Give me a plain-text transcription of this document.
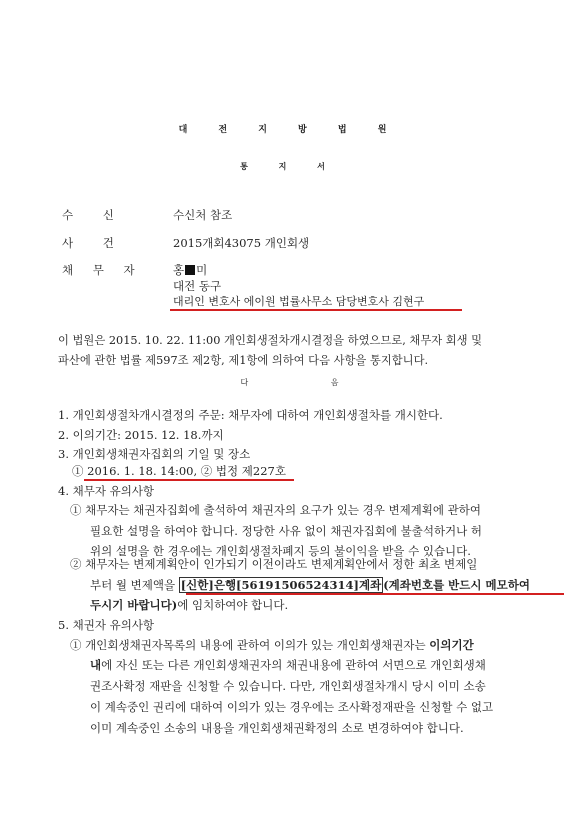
대 전 지 방 법 원
통 지 서
수 신	수신처 참조
사 건	2015개회43075 개인회생
채 무 자	홍 미
대전 동구
대리인 변호사 에이원 법률사무소 담당변호사 김현구
이 법원은 2015. 10. 22. 11:00 개인회생절차개시결정을 하였으므로, 채무자 회생 및
파산에 관한 법률 제597조 제2항, 제1항에 의하여 다음 사항을 통지합니다.
다 음
1. 개인회생절차개시결정의 주문: 채무자에 대하여 개인회생절차를 개시한다.
2. 이의기간: 2015. 12. 18.까지
3. 개인회생채권자집회의 기일 및 장소
① 2016. 1. 18. 14:00, ② 법정 제227호
4. 채무자 유의사항
① 채무자는 채권자집회에 출석하여 채권자의 요구가 있는 경우 변제계획에 관하여
필요한 설명을 하여야 합니다. 정당한 사유 없이 채권자집회에 불출석하거나 허
위의 설명을 한 경우에는 개인회생절차폐지 등의 불이익을 받을 수 있습니다.
② 채무자는 변제계획안이 인가되기 이전이라도 변제계획안에서 정한 최초 변제일
부터 월 변제액을 [신한]은행[56191506524314]계좌 (계좌번호를 반드시 메모하여
두시기 바랍니다)에 임치하여야 합니다.
5. 채권자 유의사항
① 개인회생채권자목록의 내용에 관하여 이의가 있는 개인회생채권자는 이의기간
내에 자신 또는 다른 개인회생채권자의 채권내용에 관하여 서면으로 개인회생채
권조사확정 재판을 신청할 수 있습니다. 다만, 개인회생절차개시 당시 이미 소송
이 계속중인 권리에 대하여 이의가 있는 경우에는 조사확정재판을 신청할 수 없고
이미 계속중인 소송의 내용을 개인회생채권확정의 소로 변경하여야 합니다.
